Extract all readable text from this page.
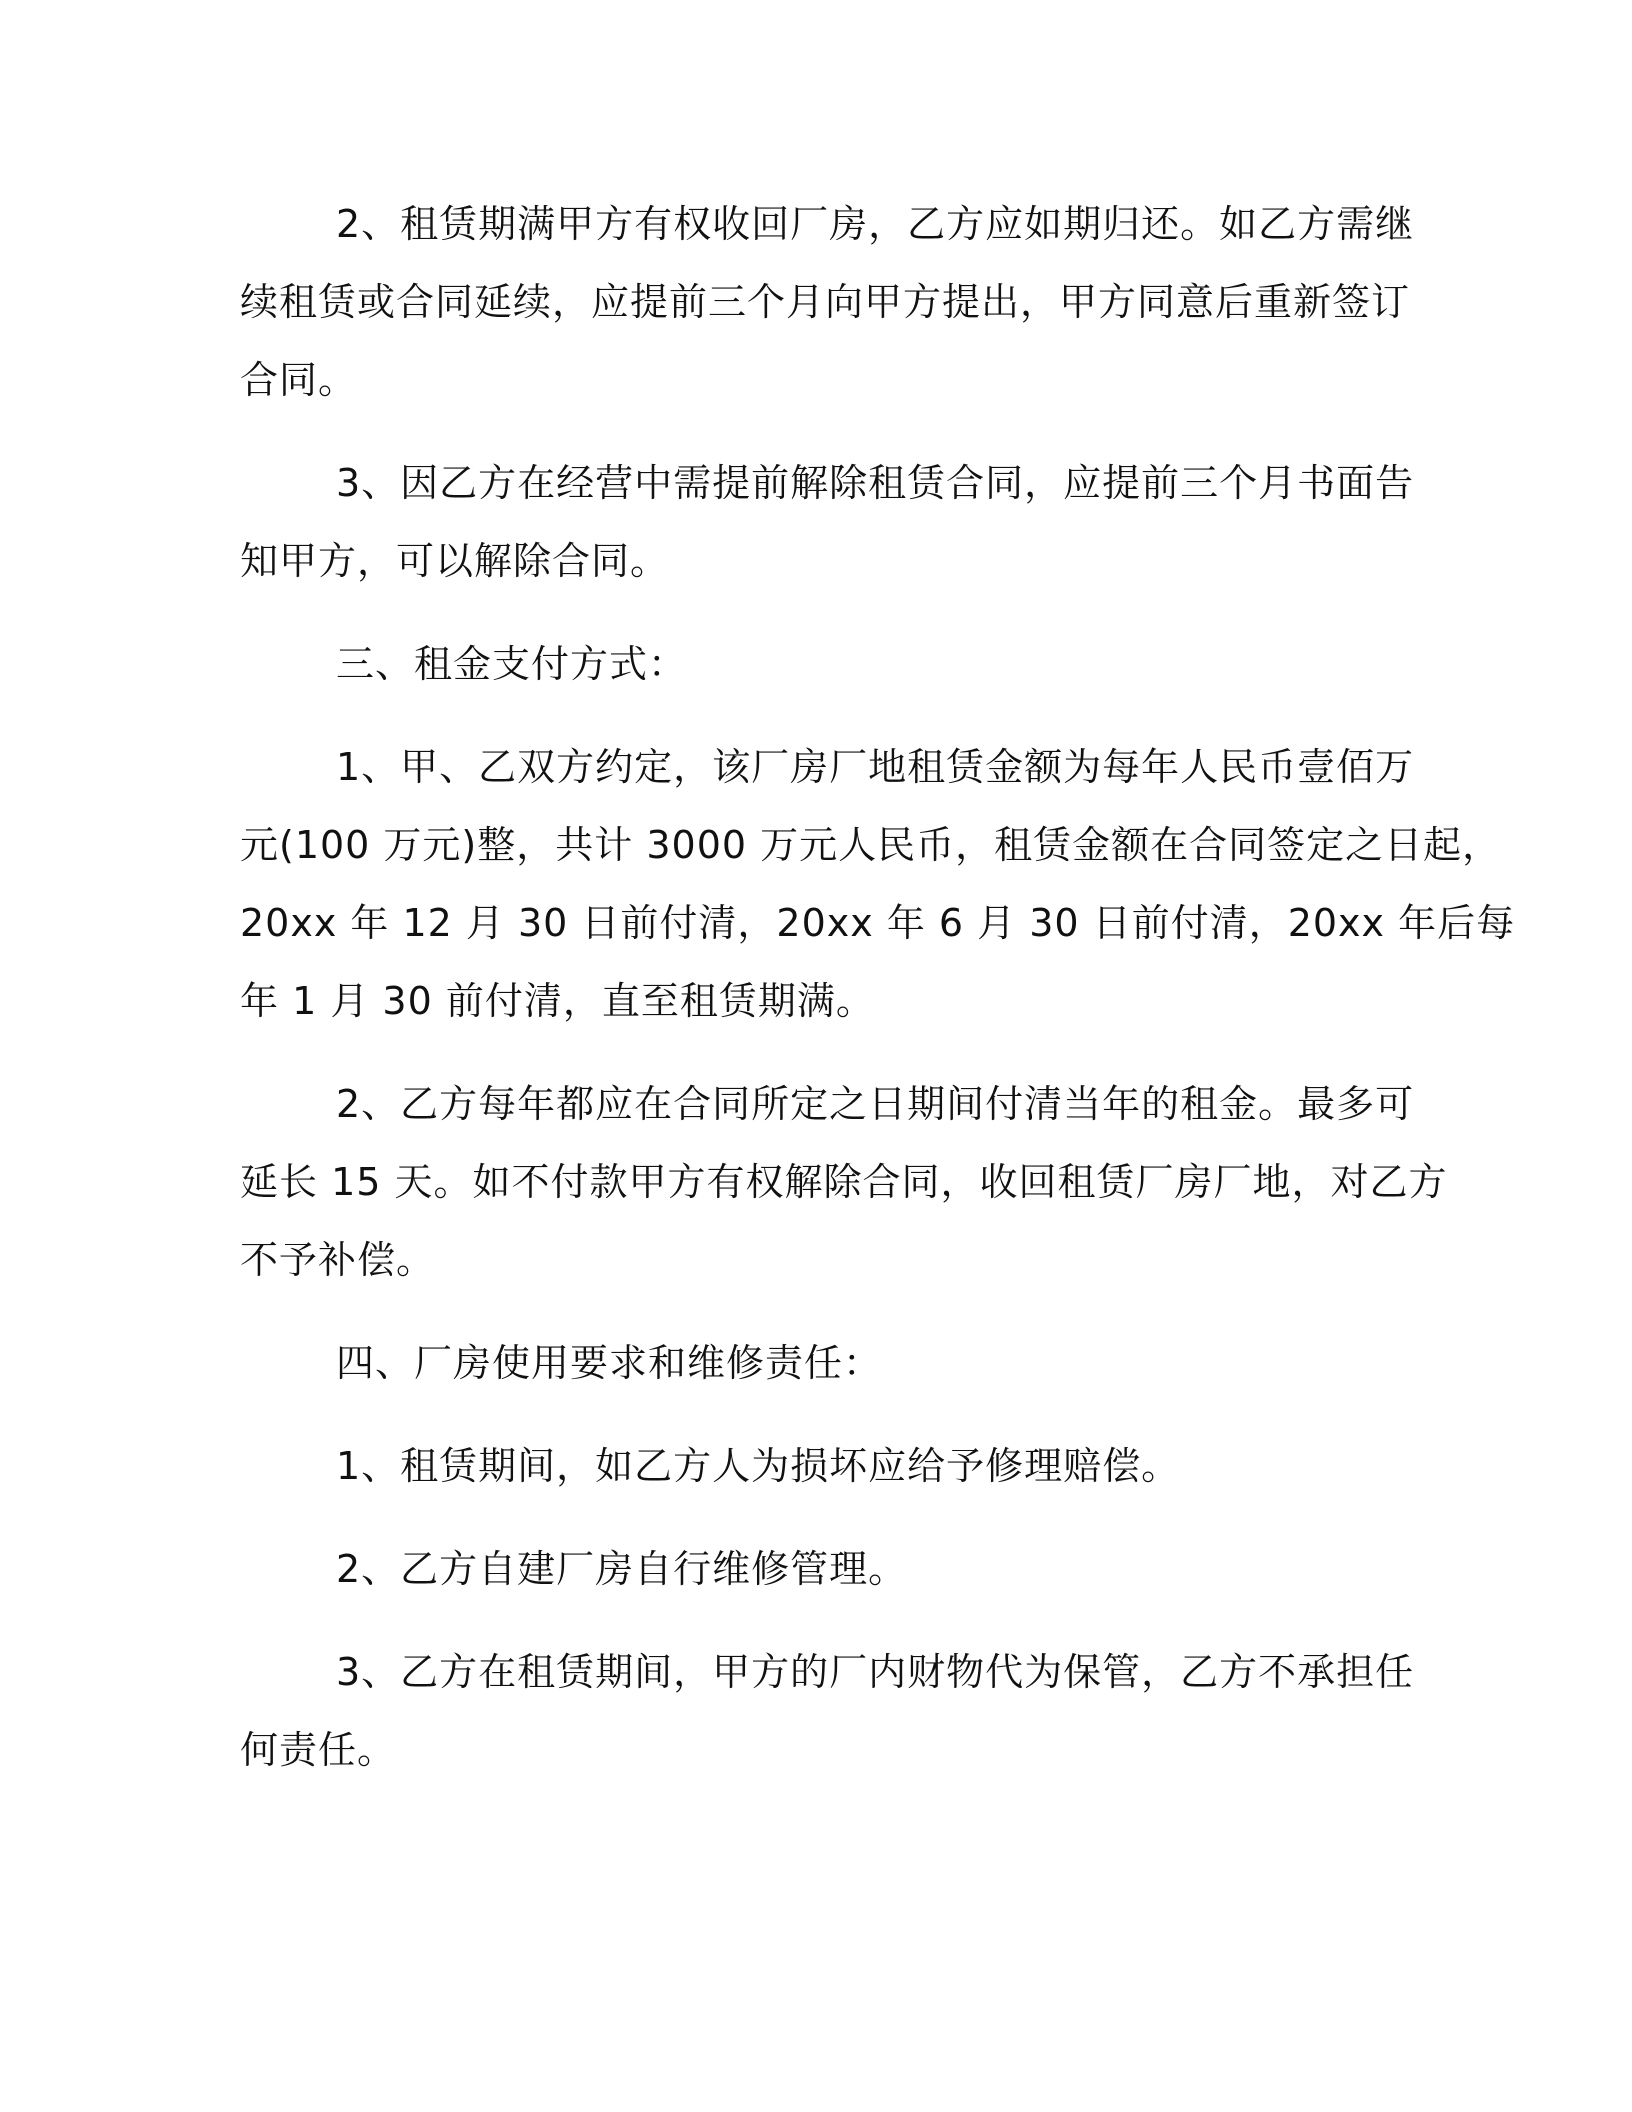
2、租赁期满甲方有权收回厂房，乙方应如期归还。如乙方需继
续租赁或合同延续，应提前三个月向甲方提出，甲方同意后重新签订
合同。
3、因乙方在经营中需提前解除租赁合同，应提前三个月书面告
知甲方，可以解除合同。
三、租金支付方式：
1、甲、乙双方约定，该厂房厂地租赁金额为每年人民币壹佰万
元(100 万元)整，共计 3000 万元人民币，租赁金额在合同签定之日起，
20xx 年 12 月 30 日前付清，20xx 年 6 月 30 日前付清，20xx 年后每
年 1 月 30 前付清，直至租赁期满。
2、乙方每年都应在合同所定之日期间付清当年的租金。最多可
延长 15 天。如不付款甲方有权解除合同，收回租赁厂房厂地，对乙方
不予补偿。
四、厂房使用要求和维修责任：
1、租赁期间，如乙方人为损坏应给予修理赔偿。
2、乙方自建厂房自行维修管理。
3、乙方在租赁期间，甲方的厂内财物代为保管，乙方不承担任
何责任。
